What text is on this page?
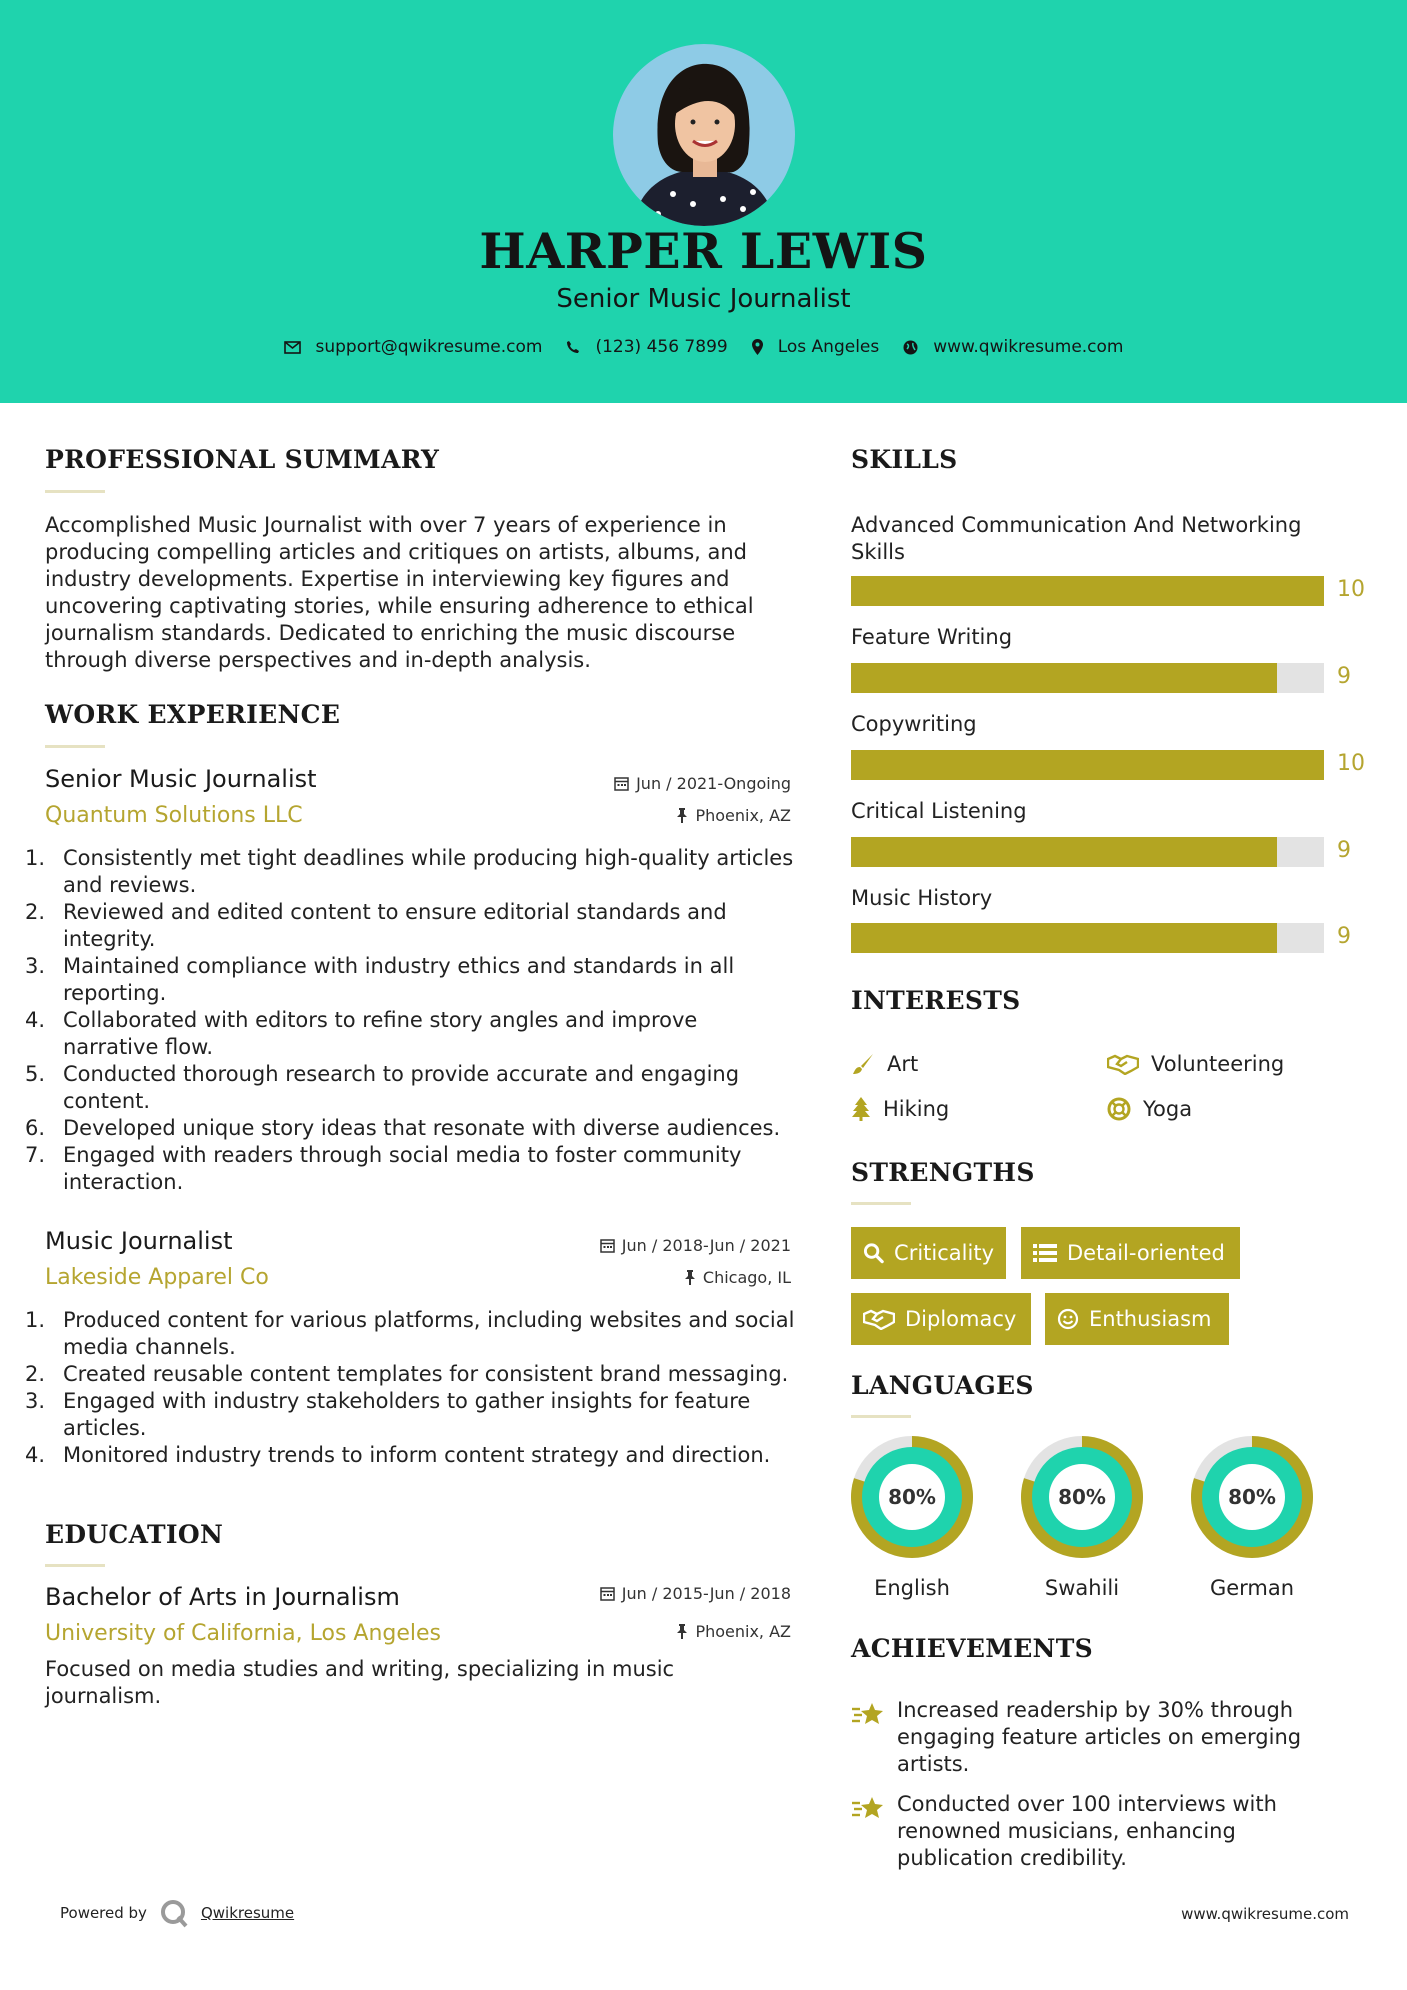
HARPER LEWIS
Senior Music Journalist
support@qwikresume.com	(123) 456 7899	Los Angeles	www.qwikresume.com
PROFESSIONAL SUMMARY
Accomplished Music Journalist with over 7 years of experience in producing compelling articles and critiques on artists, albums, and industry developments. Expertise in interviewing key figures and uncovering captivating stories, while ensuring adherence to ethical journalism standards. Dedicated to enriching the music discourse through diverse perspectives and in-depth analysis.
WORK EXPERIENCE
Senior Music Journalist
Quantum Solutions LLC
Jun / 2021-Ongoing
Phoenix, AZ
1. Consistently met tight deadlines while producing high-quality articles and reviews.
2. Reviewed and edited content to ensure editorial standards and integrity.
3. Maintained compliance with industry ethics and standards in all reporting.
4. Collaborated with editors to refine story angles and improve narrative flow.
5. Conducted thorough research to provide accurate and engaging content.
6. Developed unique story ideas that resonate with diverse audiences.
7. Engaged with readers through social media to foster community interaction.
Music Journalist
Lakeside Apparel Co
Jun / 2018-Jun / 2021
Chicago, IL
1. Produced content for various platforms, including websites and social media channels.
2. Created reusable content templates for consistent brand messaging.
3. Engaged with industry stakeholders to gather insights for feature articles.
4. Monitored industry trends to inform content strategy and direction.
EDUCATION
Bachelor of Arts in Journalism
University of California, Los Angeles
Jun / 2015-Jun / 2018
Phoenix, AZ
Focused on media studies and writing, specializing in music journalism.
SKILLS
Advanced Communication And Networking Skills
10
Feature Writing
9
Copywriting
10
Critical Listening
9
Music History
9
INTERESTS
Art	Volunteering
Hiking	Yoga
STRENGTHS
Criticality	Detail-oriented
Diplomacy	Enthusiasm
LANGUAGES
80%
English
80%
Swahili
80%
German
ACHIEVEMENTS
Increased readership by 30% through engaging feature articles on emerging artists.
Conducted over 100 interviews with renowned musicians, enhancing publication credibility.
Powered by	Qwikresume	www.qwikresume.com
